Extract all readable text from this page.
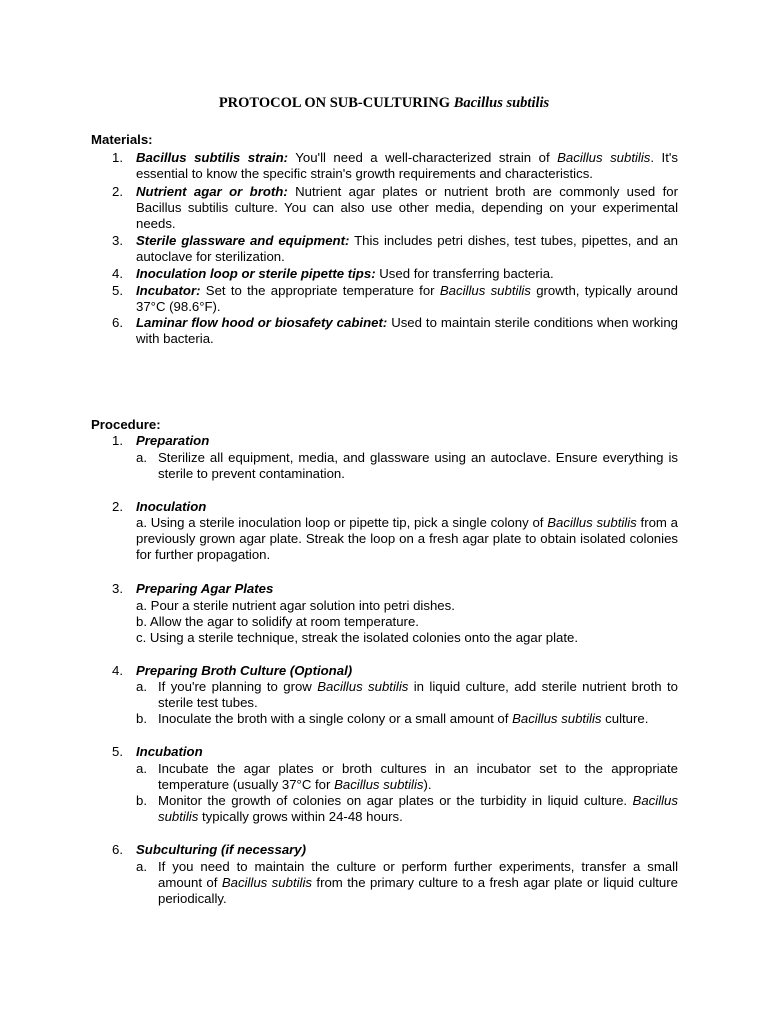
PROTOCOL ON SUB-CULTURING Bacillus subtilis
Materials:
1. Bacillus subtilis strain: You'll need a well-characterized strain of Bacillus subtilis. It's essential to know the specific strain's growth requirements and characteristics.
2. Nutrient agar or broth: Nutrient agar plates or nutrient broth are commonly used for Bacillus subtilis culture. You can also use other media, depending on your experimental needs.
3. Sterile glassware and equipment: This includes petri dishes, test tubes, pipettes, and an autoclave for sterilization.
4. Inoculation loop or sterile pipette tips: Used for transferring bacteria.
5. Incubator: Set to the appropriate temperature for Bacillus subtilis growth, typically around 37°C (98.6°F).
6. Laminar flow hood or biosafety cabinet: Used to maintain sterile conditions when working with bacteria.
Procedure:
1. Preparation
a. Sterilize all equipment, media, and glassware using an autoclave. Ensure everything is sterile to prevent contamination.
2. Inoculation
a. Using a sterile inoculation loop or pipette tip, pick a single colony of Bacillus subtilis from a previously grown agar plate. Streak the loop on a fresh agar plate to obtain isolated colonies for further propagation.
3. Preparing Agar Plates
a. Pour a sterile nutrient agar solution into petri dishes.
b. Allow the agar to solidify at room temperature.
c. Using a sterile technique, streak the isolated colonies onto the agar plate.
4. Preparing Broth Culture (Optional)
a. If you're planning to grow Bacillus subtilis in liquid culture, add sterile nutrient broth to sterile test tubes.
b. Inoculate the broth with a single colony or a small amount of Bacillus subtilis culture.
5. Incubation
a. Incubate the agar plates or broth cultures in an incubator set to the appropriate temperature (usually 37°C for Bacillus subtilis).
b. Monitor the growth of colonies on agar plates or the turbidity in liquid culture. Bacillus subtilis typically grows within 24-48 hours.
6. Subculturing (if necessary)
a. If you need to maintain the culture or perform further experiments, transfer a small amount of Bacillus subtilis from the primary culture to a fresh agar plate or liquid culture periodically.
